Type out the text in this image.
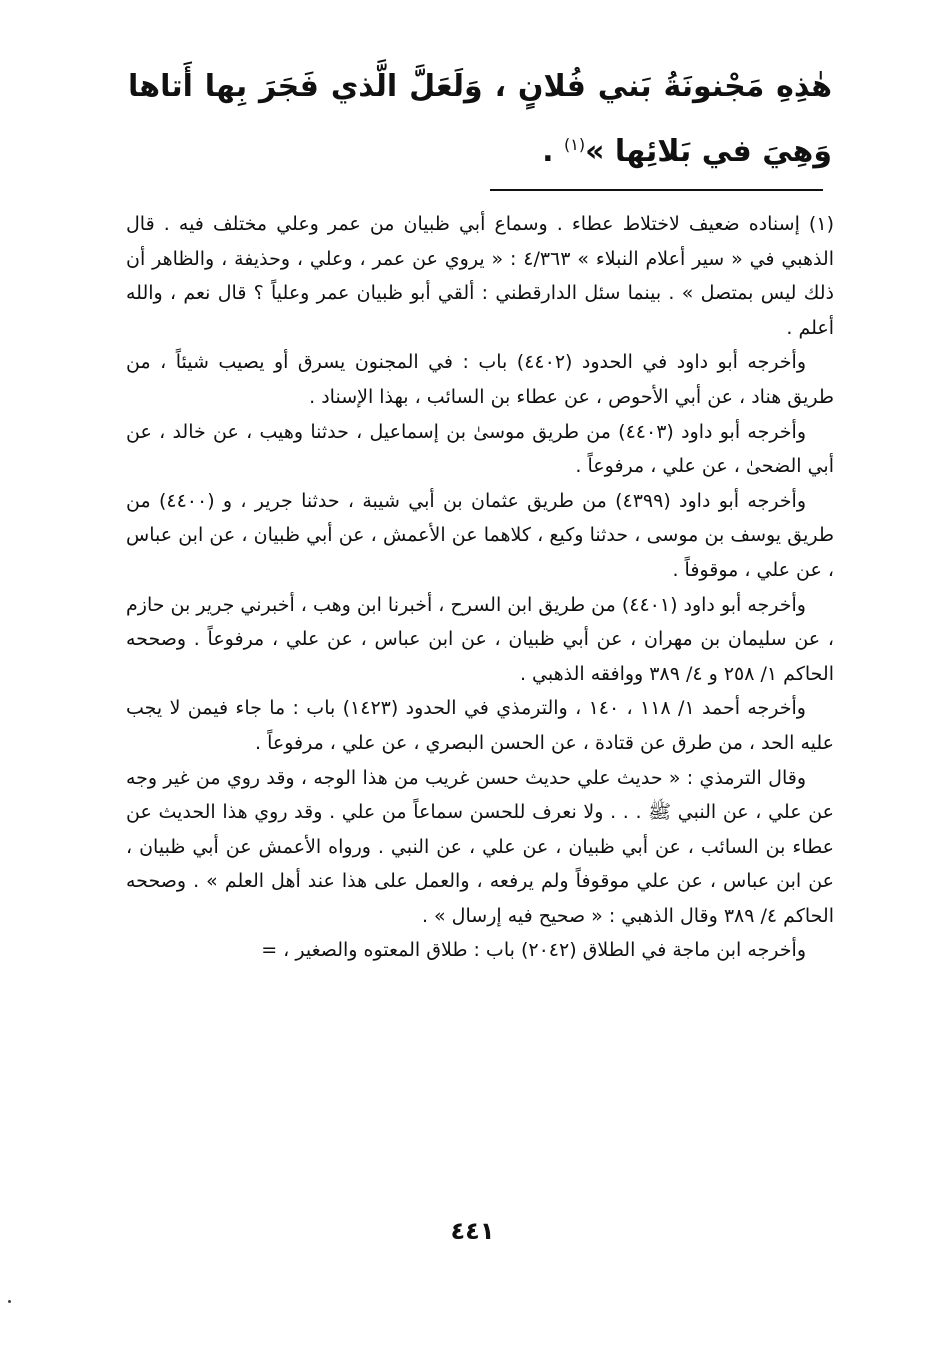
هٰذِهِ مَجْنونَةُ بَني فُلانٍ ، وَلَعَلَّ الَّذي فَجَرَ بِها أَتاها وَهِيَ في بَلائِها »$^{(١)}$ .

(١) إسناده ضعيف لاختلاط عطاء . وسماع أبي ظبيان من عمر وعلي مختلف فيه . قال الذهبي في « سير أعلام النبلاء » ٤/٣٦٣ : « يروي عن عمر ، وعلي ، وحذيفة ، والظاهر أن ذلك ليس بمتصل » . بينما سئل الدارقطني : ألقي أبو ظبيان عمر وعلياً ؟ قال نعم ، والله أعلم .

وأخرجه أبو داود في الحدود (٤٤٠٢) باب : في المجنون يسرق أو يصيب شيئاً ، من طريق هناد ، عن أبي الأحوص ، عن عطاء بن السائب ، بهذا الإسناد .

وأخرجه أبو داود (٤٤٠٣) من طريق موسىٰ بن إسماعيل ، حدثنا وهيب ، عن خالد ، عن أبي الضحىٰ ، عن علي ، مرفوعاً .

وأخرجه أبو داود (٤٣٩٩) من طريق عثمان بن أبي شيبة ، حدثنا جرير ، و (٤٤٠٠) من طريق يوسف بن موسى ، حدثنا وكيع ، كلاهما عن الأعمش ، عن أبي ظبيان ، عن ابن عباس ، عن علي ، موقوفاً .

وأخرجه أبو داود (٤٤٠١) من طريق ابن السرح ، أخبرنا ابن وهب ، أخبرني جرير بن حازم ، عن سليمان بن مهران ، عن أبي ظبيان ، عن ابن عباس ، عن علي ، مرفوعاً . وصححه الحاكم ١/ ٢٥٨ و ٤/ ٣٨٩ ووافقه الذهبي .

وأخرجه أحمد ١/ ١١٨ ، ١٤٠ ، والترمذي في الحدود (١٤٢٣) باب : ما جاء فيمن لا يجب عليه الحد ، من طرق عن قتادة ، عن الحسن البصري ، عن علي ، مرفوعاً .

وقال الترمذي : « حديث علي حديث حسن غريب من هذا الوجه ، وقد روي من غير وجه عن علي ، عن النبي ﷺ . . . ولا نعرف للحسن سماعاً من علي . وقد روي هذا الحديث عن عطاء بن السائب ، عن أبي ظبيان ، عن علي ، عن النبي . ورواه الأعمش عن أبي ظبيان ، عن ابن عباس ، عن علي موقوفاً ولم يرفعه ، والعمل على هذا عند أهل العلم » . وصححه الحاكم ٤/ ٣٨٩ وقال الذهبي : « صحيح فيه إرسال » .

وأخرجه ابن ماجة في الطلاق (٢٠٤٢) باب : طلاق المعتوه والصغير ، =

٤٤١
